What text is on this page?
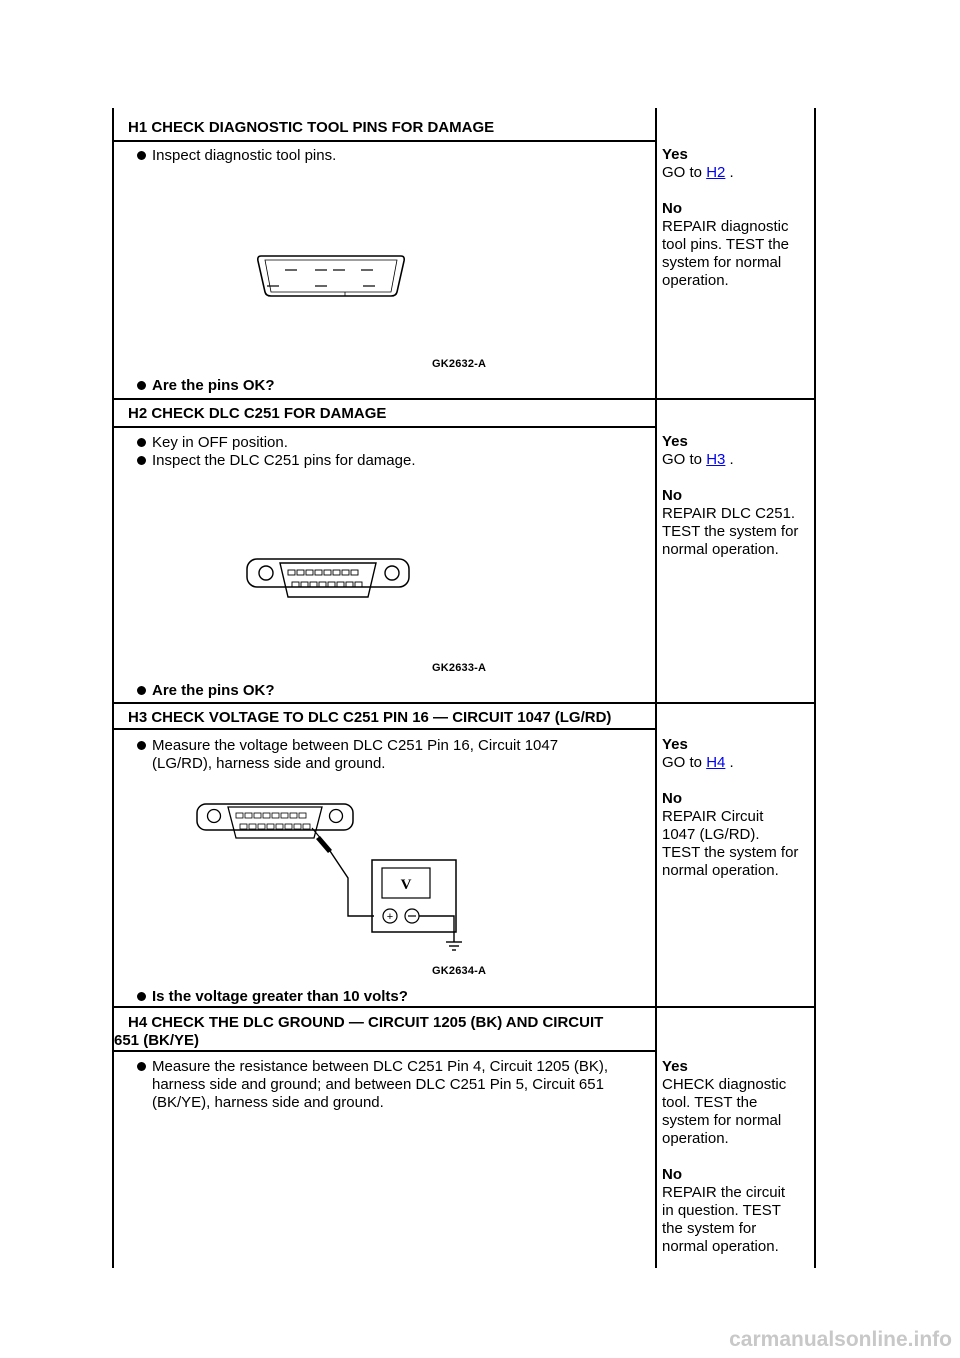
H1 CHECK DIAGNOSTIC TOOL PINS FOR DAMAGE
Inspect diagnostic tool pins.
GK2632-A
Are the pins OK?
Yes
GO to H2 .
No
REPAIR diagnostic
tool pins. TEST the
system for normal
operation.
H2 CHECK DLC C251 FOR DAMAGE
Key in OFF position.
Inspect the DLC C251 pins for damage.
GK2633-A
Are the pins OK?
Yes
GO to H3 .
No
REPAIR DLC C251.
TEST the system for
normal operation.
H3 CHECK VOLTAGE TO DLC C251 PIN 16 — CIRCUIT 1047 (LG/RD)
Measure the voltage between DLC C251 Pin 16, Circuit 1047 (LG/RD), harness side and ground.
V
+
GK2634-A
Is the voltage greater than 10 volts?
Yes
GO to H4 .
No
REPAIR Circuit
1047 (LG/RD).
TEST the system for
normal operation.
H4 CHECK THE DLC GROUND — CIRCUIT 1205 (BK) AND CIRCUIT
651 (BK/YE)
Measure the resistance between DLC C251 Pin 4, Circuit 1205 (BK), harness side and ground; and between DLC C251 Pin 5, Circuit 651 (BK/YE), harness side and ground.
Yes
CHECK diagnostic
tool. TEST the
system for normal
operation.
No
REPAIR the circuit
in question. TEST
the system for
normal operation.
carmanualsonline.info
